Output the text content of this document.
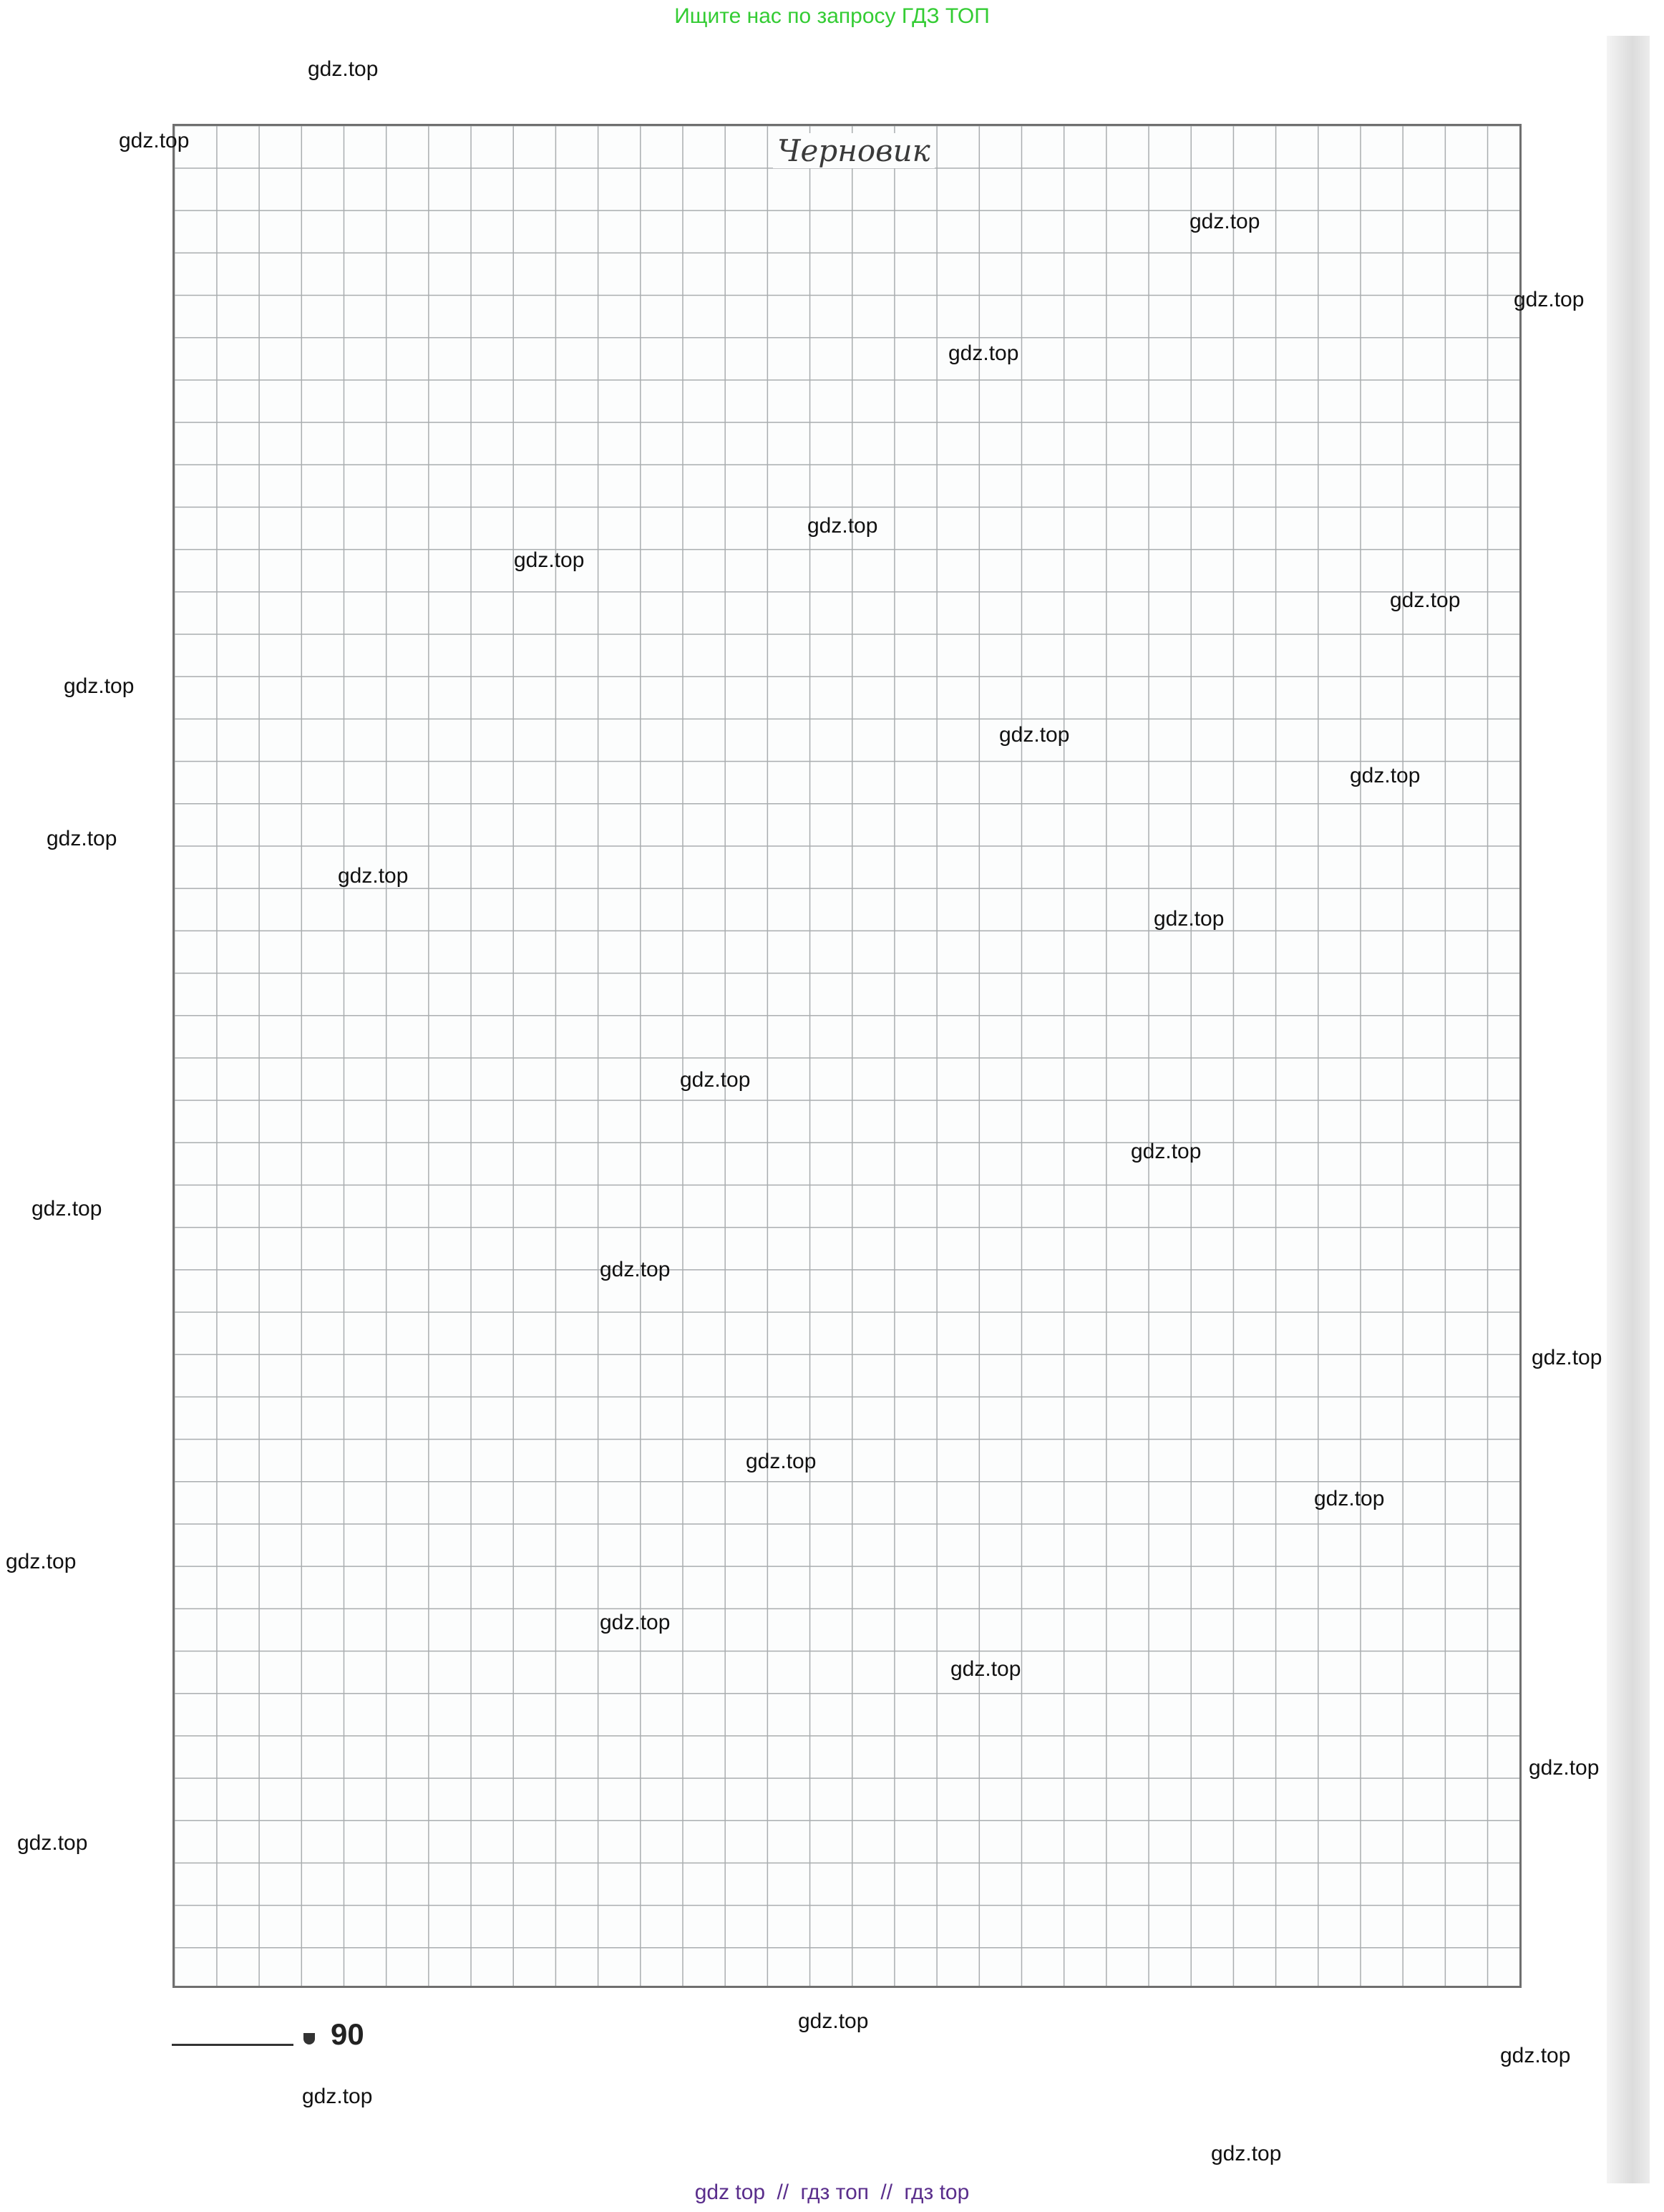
Ищите нас по запросу ГДЗ ТОП
Черновик
90
gdz.top
gdz.top
gdz.top
gdz.top
gdz.top
gdz.top
gdz.top
gdz.top
gdz.top
gdz.top
gdz.top
gdz.top
gdz.top
gdz.top
gdz.top
gdz.top
gdz.top
gdz.top
gdz.top
gdz.top
gdz.top
gdz.top
gdz.top
gdz.top
gdz.top
gdz.top
gdz.top
gdz.top
gdz.top
gdz.top
gdz top // гдз топ // гдз top
